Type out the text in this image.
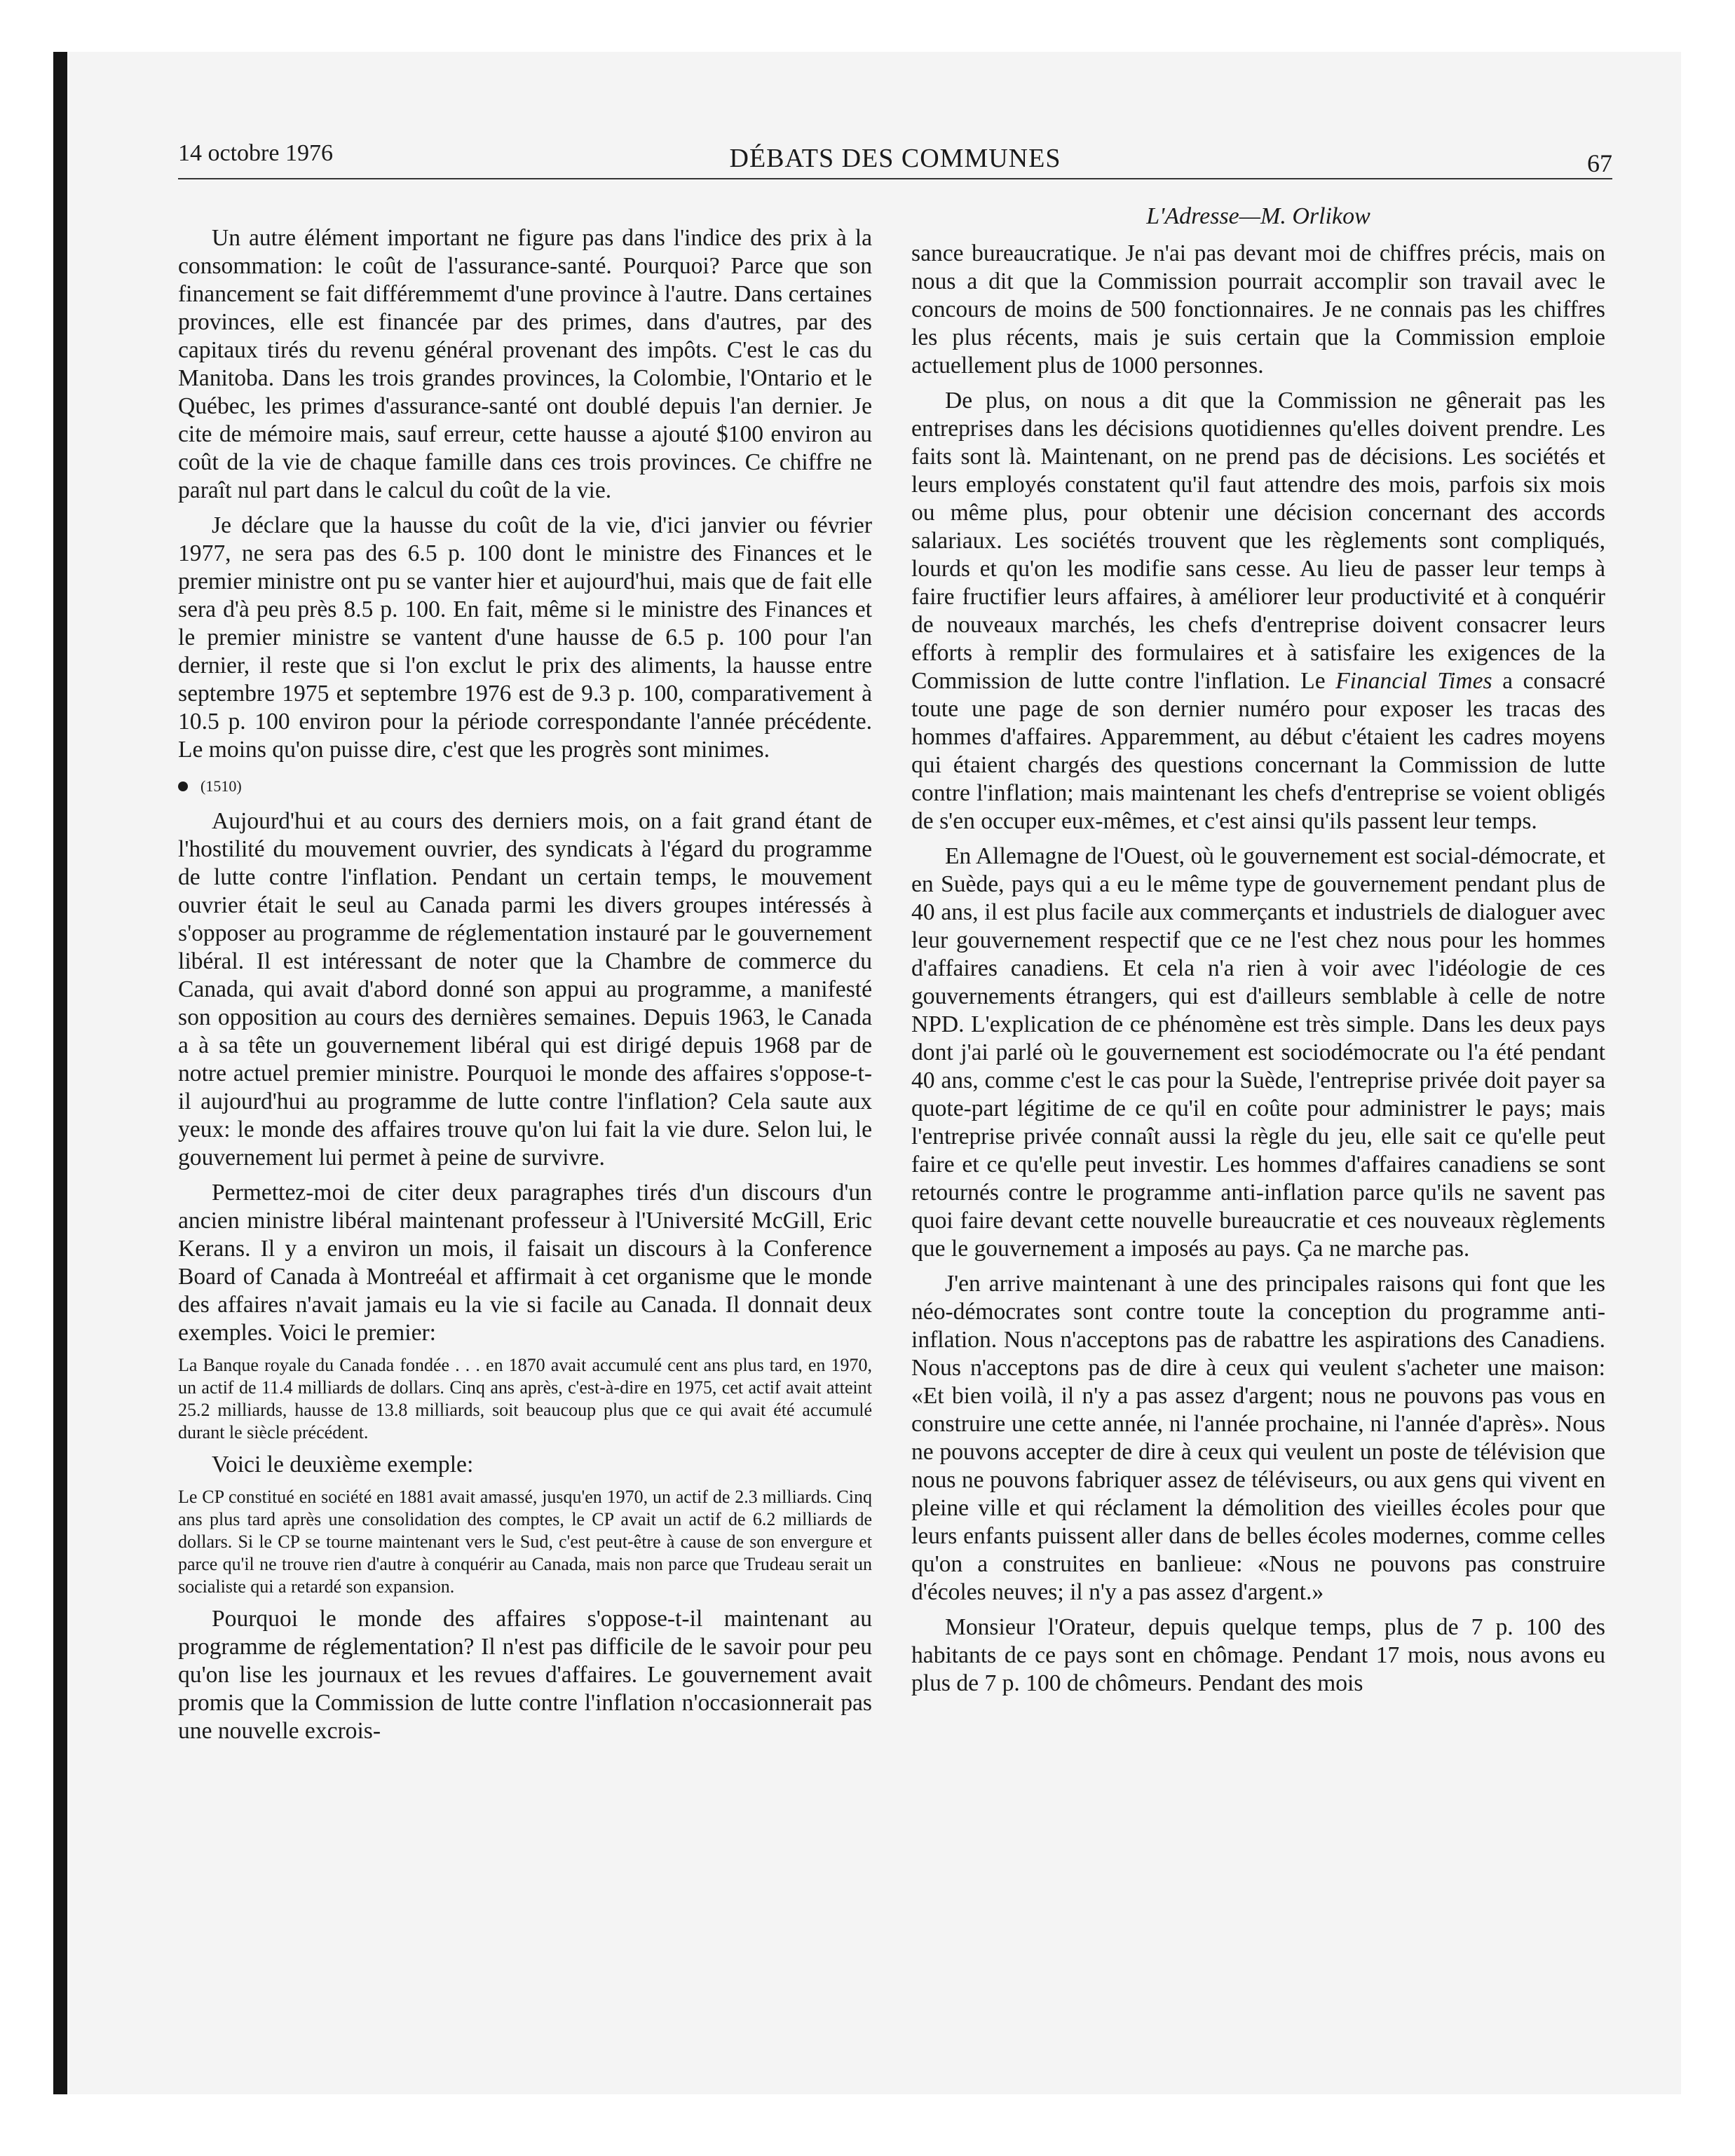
14 octobre 1976	DÉBATS DES COMMUNES	67
L'Adresse—M. Orlikow

Un autre élément important ne figure pas dans l'indice des prix à la consommation: le coût de l'assurance-santé. Pourquoi? Parce que son financement se fait différemmemt d'une province à l'autre. Dans certaines provinces, elle est financée par des primes, dans d'autres, par des capitaux tirés du revenu général provenant des impôts. C'est le cas du Manitoba. Dans les trois grandes provinces, la Colombie, l'Ontario et le Québec, les primes d'assurance-santé ont doublé depuis l'an dernier. Je cite de mémoire mais, sauf erreur, cette hausse a ajouté $100 environ au coût de la vie de chaque famille dans ces trois provinces. Ce chiffre ne paraît nul part dans le calcul du coût de la vie.

Je déclare que la hausse du coût de la vie, d'ici janvier ou février 1977, ne sera pas des 6.5 p. 100 dont le ministre des Finances et le premier ministre ont pu se vanter hier et aujourd'hui, mais que de fait elle sera d'à peu près 8.5 p. 100. En fait, même si le ministre des Finances et le premier ministre se vantent d'une hausse de 6.5 p. 100 pour l'an dernier, il reste que si l'on exclut le prix des aliments, la hausse entre septembre 1975 et septembre 1976 est de 9.3 p. 100, comparativement à 10.5 p. 100 environ pour la période correspondante l'année précédente. Le moins qu'on puisse dire, c'est que les progrès sont minimes.

(1510)

Aujourd'hui et au cours des derniers mois, on a fait grand étant de l'hostilité du mouvement ouvrier, des syndicats à l'égard du programme de lutte contre l'inflation. Pendant un certain temps, le mouvement ouvrier était le seul au Canada parmi les divers groupes intéressés à s'opposer au programme de réglementation instauré par le gouvernement libéral. Il est intéressant de noter que la Chambre de commerce du Canada, qui avait d'abord donné son appui au programme, a manifesté son opposition au cours des dernières semaines. Depuis 1963, le Canada a à sa tête un gouvernement libéral qui est dirigé depuis 1968 par de notre actuel premier ministre. Pourquoi le monde des affaires s'oppose-t-il aujourd'hui au programme de lutte contre l'inflation? Cela saute aux yeux: le monde des affaires trouve qu'on lui fait la vie dure. Selon lui, le gouvernement lui permet à peine de survivre.

Permettez-moi de citer deux paragraphes tirés d'un discours d'un ancien ministre libéral maintenant professeur à l'Université McGill, Eric Kerans. Il y a environ un mois, il faisait un discours à la Conference Board of Canada à Montreéal et affirmait à cet organisme que le monde des affaires n'avait jamais eu la vie si facile au Canada. Il donnait deux exemples. Voici le premier:

La Banque royale du Canada fondée . . . en 1870 avait accumulé cent ans plus tard, en 1970, un actif de 11.4 milliards de dollars. Cinq ans après, c'est-à-dire en 1975, cet actif avait atteint 25.2 milliards, hausse de 13.8 milliards, soit beaucoup plus que ce qui avait été accumulé durant le siècle précédent.

Voici le deuxième exemple:

Le CP constitué en société en 1881 avait amassé, jusqu'en 1970, un actif de 2.3 milliards. Cinq ans plus tard après une consolidation des comptes, le CP avait un actif de 6.2 milliards de dollars. Si le CP se tourne maintenant vers le Sud, c'est peut-être à cause de son envergure et parce qu'il ne trouve rien d'autre à conquérir au Canada, mais non parce que Trudeau serait un socialiste qui a retardé son expansion.

Pourquoi le monde des affaires s'oppose-t-il maintenant au programme de réglementation? Il n'est pas difficile de le savoir pour peu qu'on lise les journaux et les revues d'affaires. Le gouvernement avait promis que la Commission de lutte contre l'inflation n'occasionnerait pas une nouvelle excrois-

sance bureaucratique. Je n'ai pas devant moi de chiffres précis, mais on nous a dit que la Commission pourrait accomplir son travail avec le concours de moins de 500 fonctionnaires. Je ne connais pas les chiffres les plus récents, mais je suis certain que la Commission emploie actuellement plus de 1000 personnes.

De plus, on nous a dit que la Commission ne gênerait pas les entreprises dans les décisions quotidiennes qu'elles doivent prendre. Les faits sont là. Maintenant, on ne prend pas de décisions. Les sociétés et leurs employés constatent qu'il faut attendre des mois, parfois six mois ou même plus, pour obtenir une décision concernant des accords salariaux. Les sociétés trouvent que les règlements sont compliqués, lourds et qu'on les modifie sans cesse. Au lieu de passer leur temps à faire fructifier leurs affaires, à améliorer leur productivité et à conquérir de nouveaux marchés, les chefs d'entreprise doivent consacrer leurs efforts à remplir des formulaires et à satisfaire les exigences de la Commission de lutte contre l'inflation. Le Financial Times a consacré toute une page de son dernier numéro pour exposer les tracas des hommes d'affaires. Apparemment, au début c'étaient les cadres moyens qui étaient chargés des questions concernant la Commission de lutte contre l'inflation; mais maintenant les chefs d'entreprise se voient obligés de s'en occuper eux-mêmes, et c'est ainsi qu'ils passent leur temps.

En Allemagne de l'Ouest, où le gouvernement est social-démocrate, et en Suède, pays qui a eu le même type de gouvernement pendant plus de 40 ans, il est plus facile aux commerçants et industriels de dialoguer avec leur gouvernement respectif que ce ne l'est chez nous pour les hommes d'affaires canadiens. Et cela n'a rien à voir avec l'idéologie de ces gouvernements étrangers, qui est d'ailleurs semblable à celle de notre NPD. L'explication de ce phénomène est très simple. Dans les deux pays dont j'ai parlé où le gouvernement est sociodémocrate ou l'a été pendant 40 ans, comme c'est le cas pour la Suède, l'entreprise privée doit payer sa quote-part légitime de ce qu'il en coûte pour administrer le pays; mais l'entreprise privée connaît aussi la règle du jeu, elle sait ce qu'elle peut faire et ce qu'elle peut investir. Les hommes d'affaires canadiens se sont retournés contre le programme anti-inflation parce qu'ils ne savent pas quoi faire devant cette nouvelle bureaucratie et ces nouveaux règlements que le gouvernement a imposés au pays. Ça ne marche pas.

J'en arrive maintenant à une des principales raisons qui font que les néo-démocrates sont contre toute la conception du programme anti-inflation. Nous n'acceptons pas de rabattre les aspirations des Canadiens. Nous n'acceptons pas de dire à ceux qui veulent s'acheter une maison: «Et bien voilà, il n'y a pas assez d'argent; nous ne pouvons pas vous en construire une cette année, ni l'année prochaine, ni l'année d'après». Nous ne pouvons accepter de dire à ceux qui veulent un poste de télévision que nous ne pouvons fabriquer assez de téléviseurs, ou aux gens qui vivent en pleine ville et qui réclament la démolition des vieilles écoles pour que leurs enfants puissent aller dans de belles écoles modernes, comme celles qu'on a construites en banlieue: «Nous ne pouvons pas construire d'écoles neuves; il n'y a pas assez d'argent.»

Monsieur l'Orateur, depuis quelque temps, plus de 7 p. 100 des habitants de ce pays sont en chômage. Pendant 17 mois, nous avons eu plus de 7 p. 100 de chômeurs. Pendant des mois
